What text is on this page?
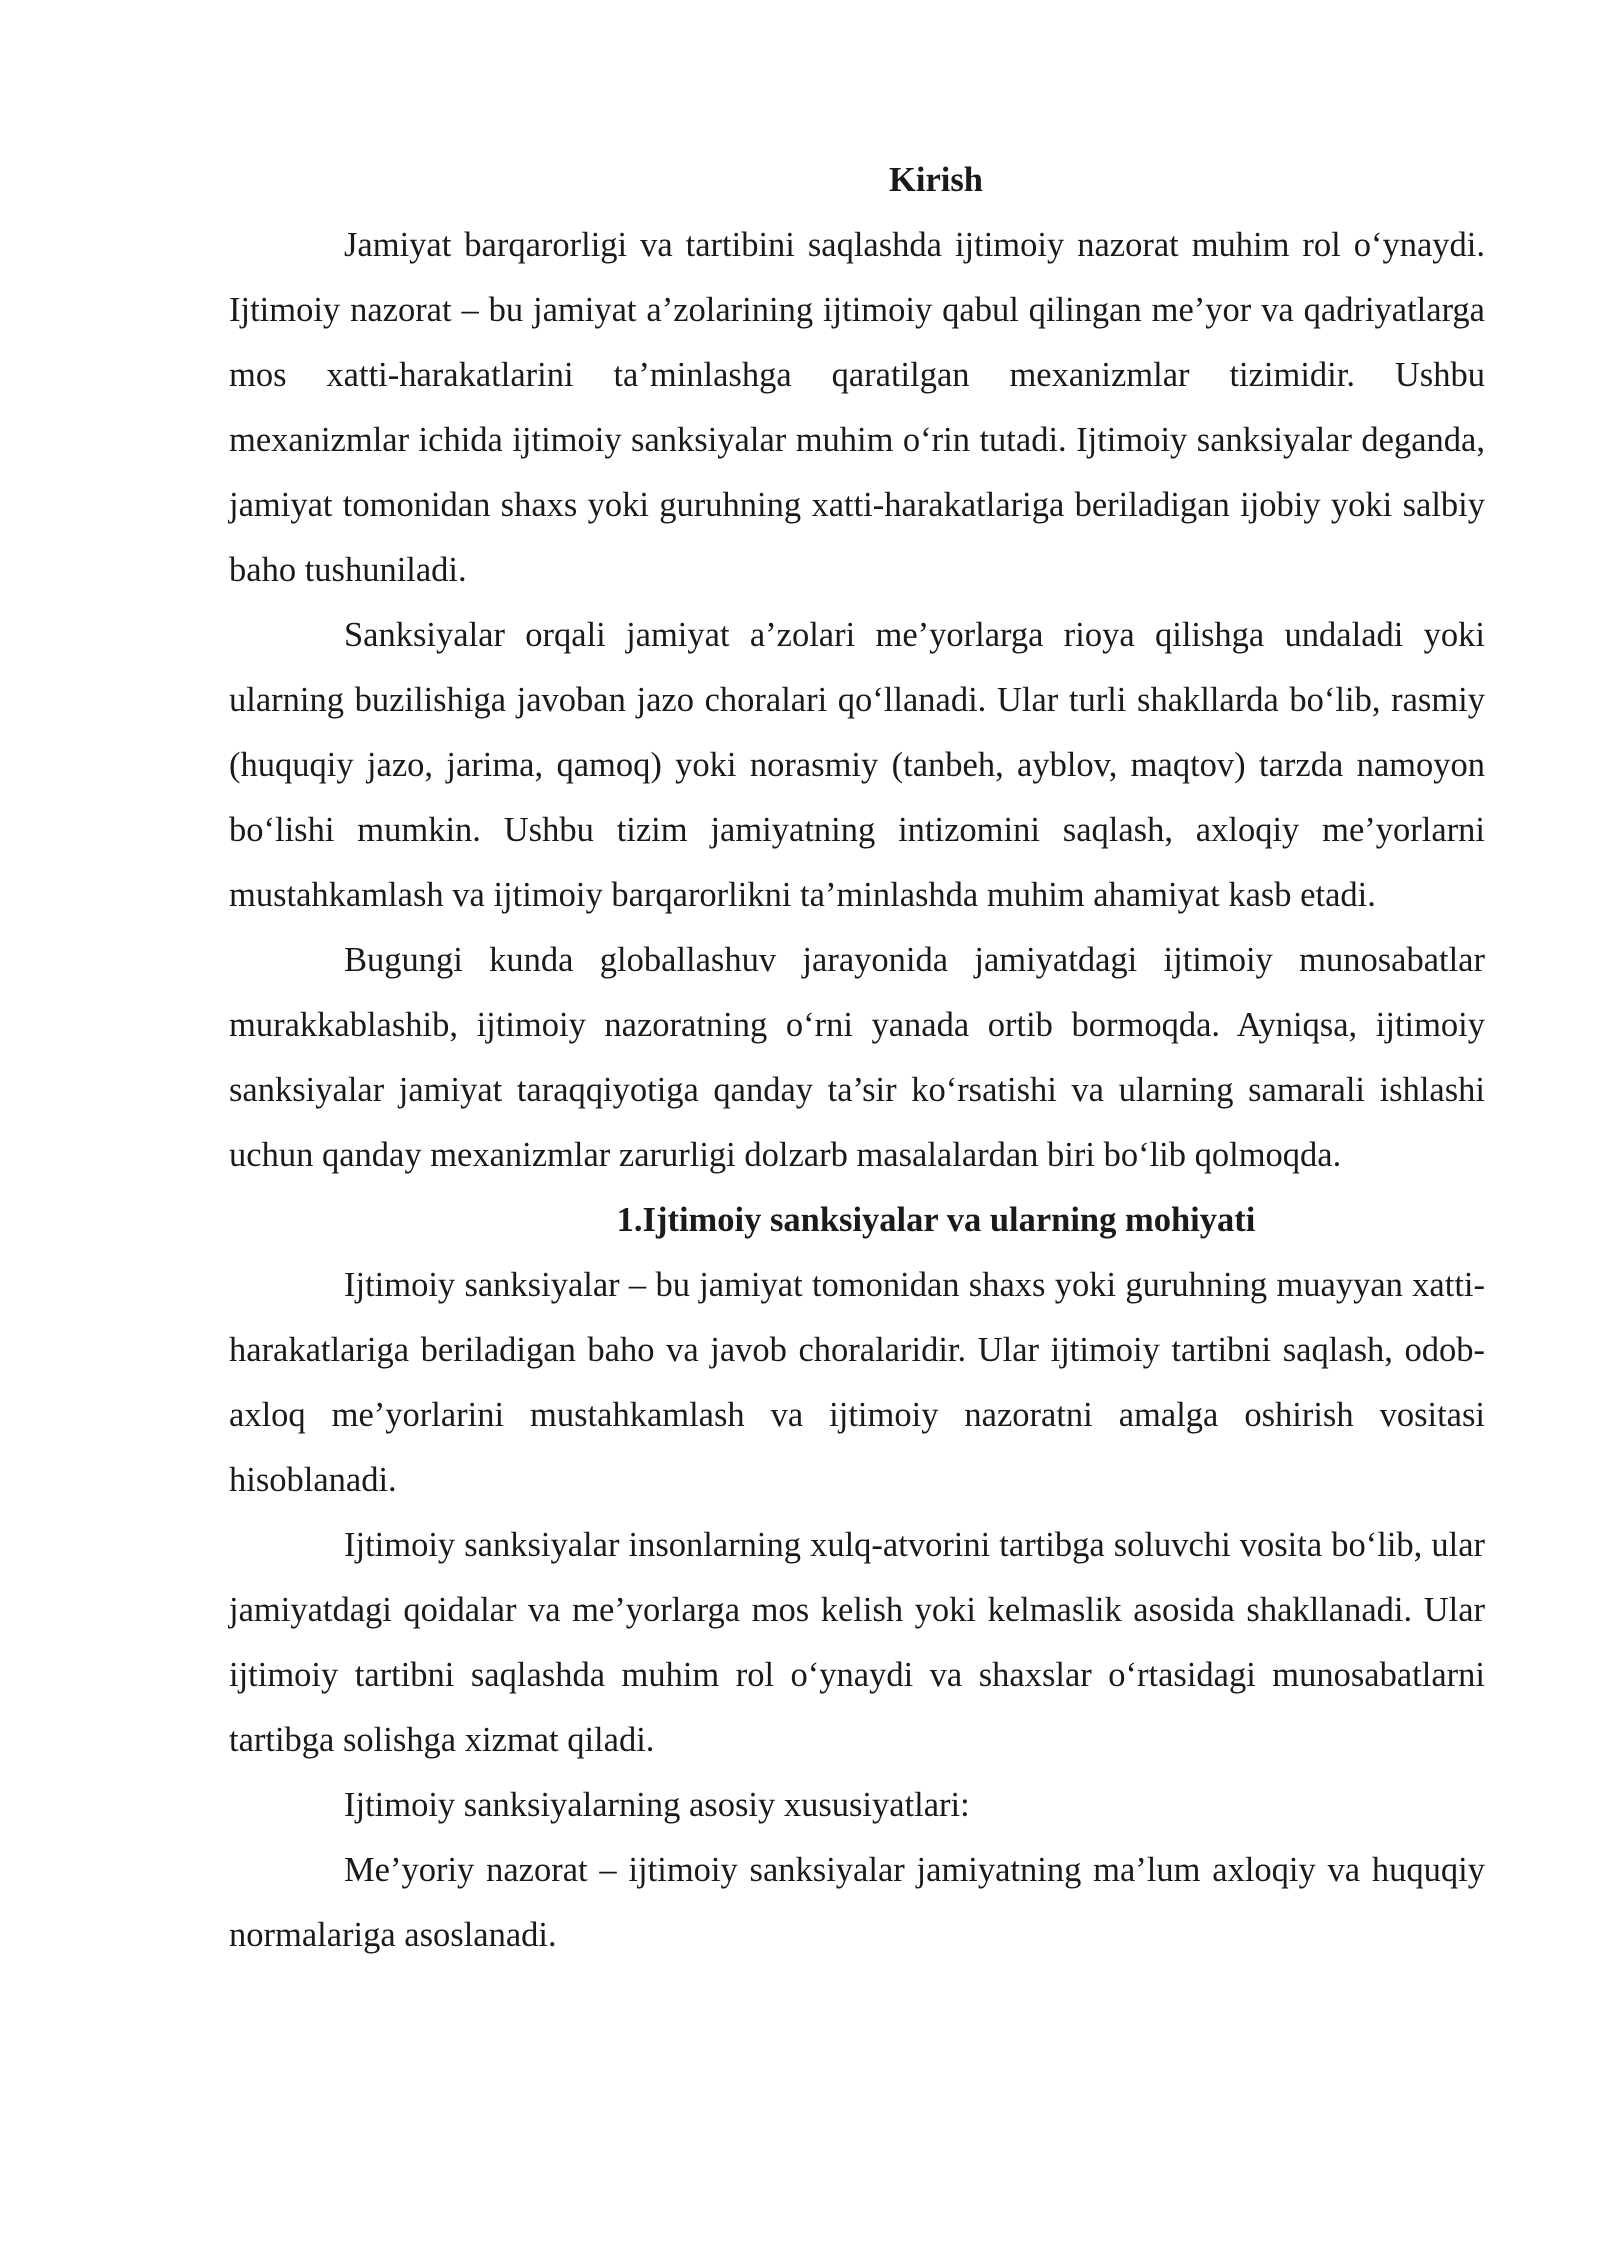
Kirish

Jamiyat barqarorligi va tartibini saqlashda ijtimoiy nazorat muhim rol o‘ynaydi. Ijtimoiy nazorat – bu jamiyat a’zolarining ijtimoiy qabul qilingan me’yor va qadriyatlarga mos xatti-harakatlarini ta’minlashga qaratilgan mexanizmlar tizimidir. Ushbu mexanizmlar ichida ijtimoiy sanksiyalar muhim o‘rin tutadi. Ijtimoiy sanksiyalar deganda, jamiyat tomonidan shaxs yoki guruhning xatti-harakatlariga beriladigan ijobiy yoki salbiy baho tushuniladi.

Sanksiyalar orqali jamiyat a’zolari me’yorlarga rioya qilishga undaladi yoki ularning buzilishiga javoban jazo choralari qo‘llanadi. Ular turli shakllarda bo‘lib, rasmiy (huquqiy jazo, jarima, qamoq) yoki norasmiy (tanbeh, ayblov, maqtov) tarzda namoyon bo‘lishi mumkin. Ushbu tizim jamiyatning intizomini saqlash, axloqiy me’yorlarni mustahkamlash va ijtimoiy barqarorlikni ta’minlashda muhim ahamiyat kasb etadi.

Bugungi kunda globallashuv jarayonida jamiyatdagi ijtimoiy munosabatlar murakkablashib, ijtimoiy nazoratning o‘rni yanada ortib bormoqda. Ayniqsa, ijtimoiy sanksiyalar jamiyat taraqqiyotiga qanday ta’sir ko‘rsatishi va ularning samarali ishlashi uchun qanday mexanizmlar zarurligi dolzarb masalalardan biri bo‘lib qolmoqda.

1.Ijtimoiy sanksiyalar va ularning mohiyati

Ijtimoiy sanksiyalar – bu jamiyat tomonidan shaxs yoki guruhning muayyan xatti-harakatlariga beriladigan baho va javob choralaridir. Ular ijtimoiy tartibni saqlash, odob-axloq me’yorlarini mustahkamlash va ijtimoiy nazoratni amalga oshirish vositasi hisoblanadi.

Ijtimoiy sanksiyalar insonlarning xulq-atvorini tartibga soluvchi vosita bo‘lib, ular jamiyatdagi qoidalar va me’yorlarga mos kelish yoki kelmaslik asosida shakllanadi. Ular ijtimoiy tartibni saqlashda muhim rol o‘ynaydi va shaxslar o‘rtasidagi munosabatlarni tartibga solishga xizmat qiladi.

Ijtimoiy sanksiyalarning asosiy xususiyatlari:

Me’yoriy nazorat – ijtimoiy sanksiyalar jamiyatning ma’lum axloqiy va huquqiy normalariga asoslanadi.
